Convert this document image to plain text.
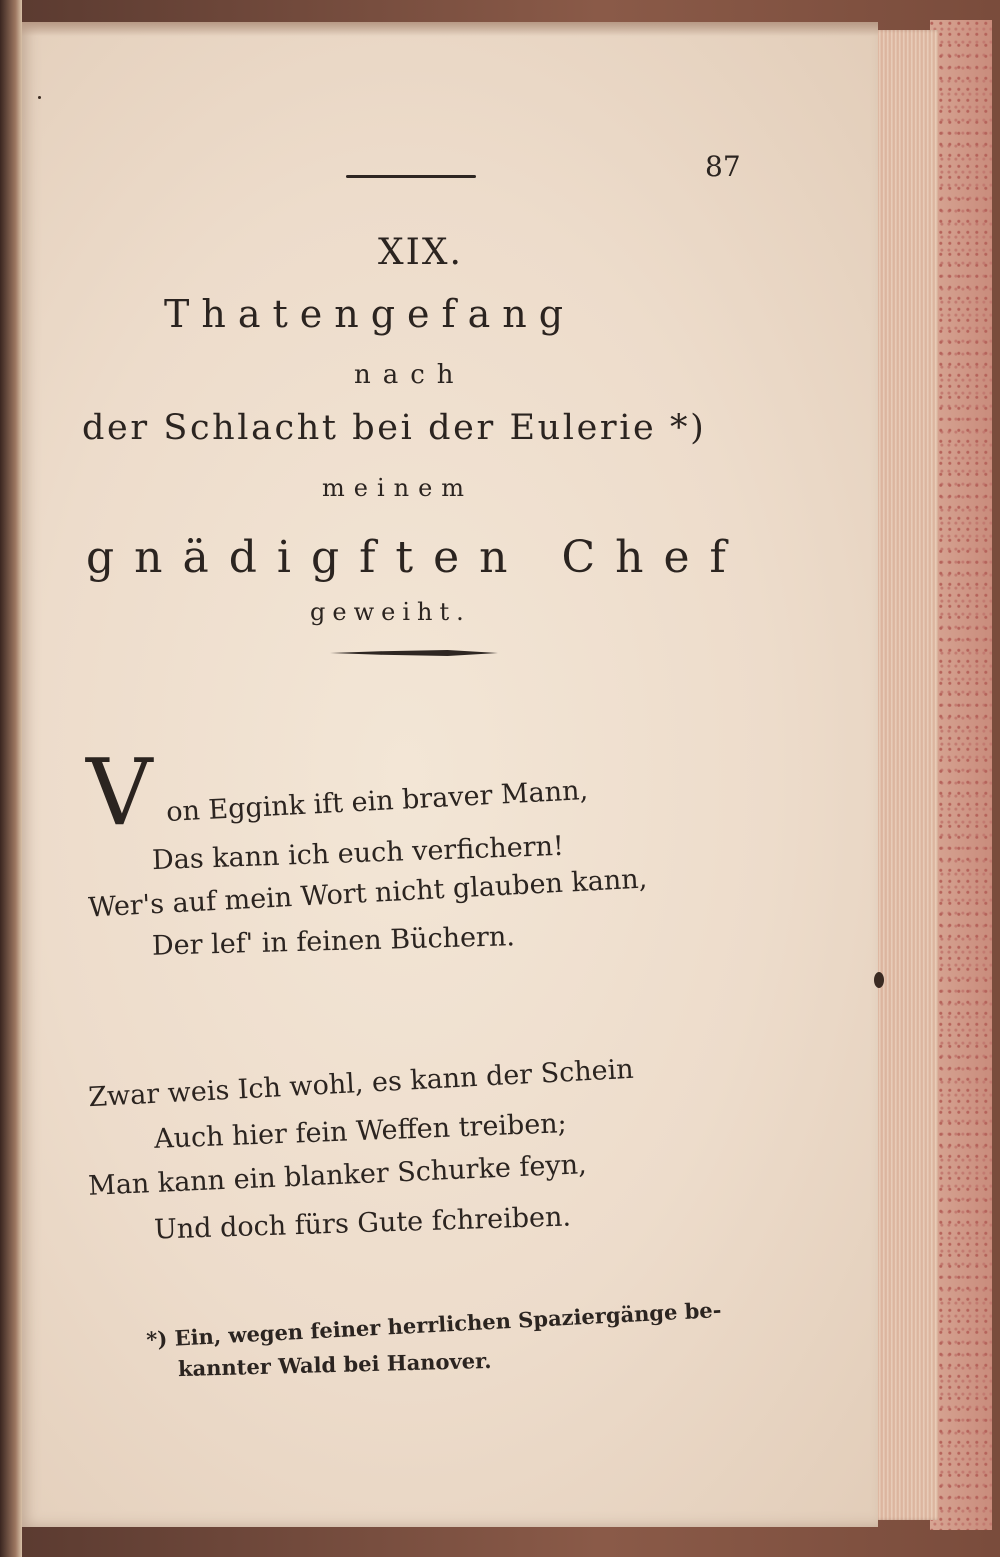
87
XIX.
Thatengefang
nach
der Schlacht bei der Eulerie *)
meinem
gnädigften Chef
geweiht.
V on Eggink ift ein braver Mann,
Das kann ich euch verfichern!
Wer's auf mein Wort nicht glauben kann,
Der lef' in feinen Büchern.
Zwar weis Ich wohl, es kann der Schein
Auch hier fein Weffen treiben;
Man kann ein blanker Schurke feyn,
Und doch fürs Gute fchreiben.
*) Ein, wegen feiner herrlichen Spaziergänge be-
kannter Wald bei Hanover.
